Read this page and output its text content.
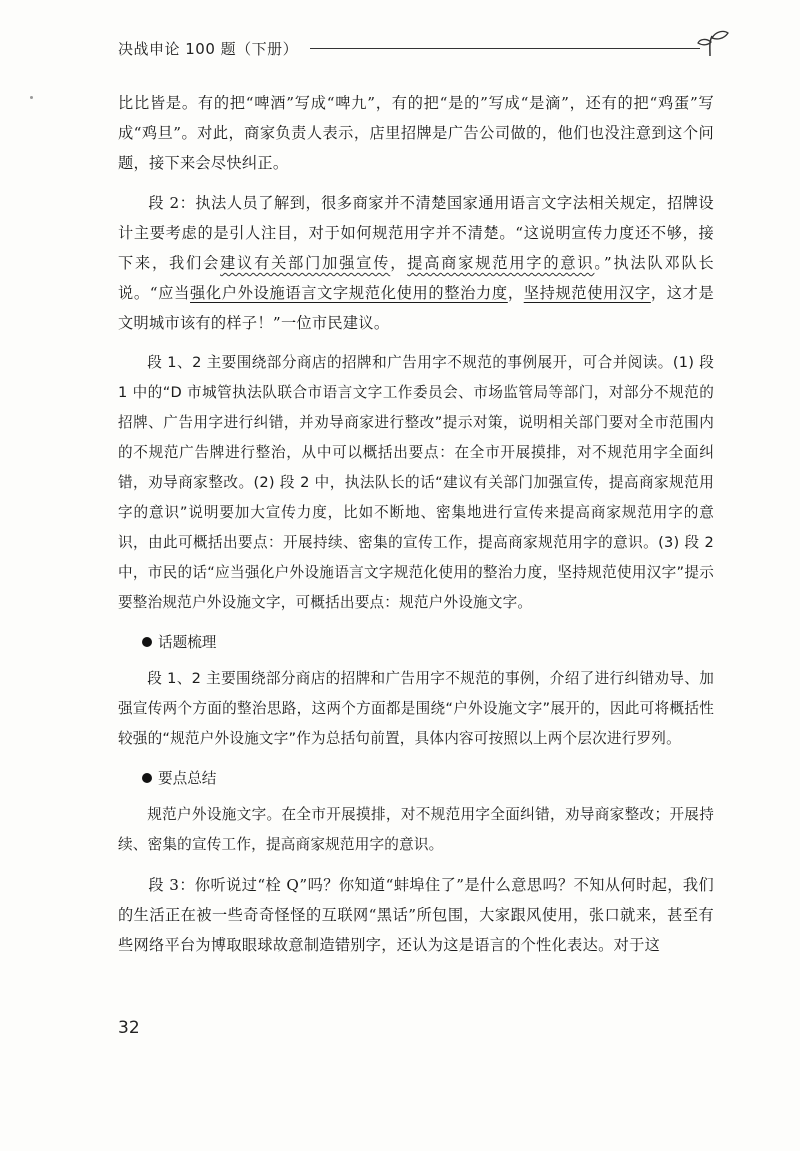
决战申论 100 题（下册）

比比皆是。有的把“啤酒”写成“啤九”，有的把“是的”写成“是滴”，还有的把“鸡蛋”写成“鸡旦”。对此，商家负责人表示，店里招牌是广告公司做的，他们也没注意到这个问题，接下来会尽快纠正。

段 2：执法人员了解到，很多商家并不清楚国家通用语言文字法相关规定，招牌设计主要考虑的是引人注目，对于如何规范用字并不清楚。“这说明宣传力度还不够，接下来，我们会建议有关部门加强宣传，提高商家规范用字的意识。”执法队邓队长说。“应当强化户外设施语言文字规范化使用的整治力度，坚持规范使用汉字，这才是文明城市该有的样子！”一位市民建议。

段 1、2 主要围绕部分商店的招牌和广告用字不规范的事例展开，可合并阅读。(1) 段 1 中的“D 市城管执法队联合市语言文字工作委员会、市场监管局等部门，对部分不规范的招牌、广告用字进行纠错，并劝导商家进行整改”提示对策，说明相关部门要对全市范围内的不规范广告牌进行整治，从中可以概括出要点：在全市开展摸排，对不规范用字全面纠错，劝导商家整改。(2) 段 2 中，执法队长的话“建议有关部门加强宣传，提高商家规范用字的意识”说明要加大宣传力度，比如不断地、密集地进行宣传来提高商家规范用字的意识，由此可概括出要点：开展持续、密集的宣传工作，提高商家规范用字的意识。(3) 段 2 中，市民的话“应当强化户外设施语言文字规范化使用的整治力度，坚持规范使用汉字”提示要整治规范户外设施文字，可概括出要点：规范户外设施文字。

话题梳理

段 1、2 主要围绕部分商店的招牌和广告用字不规范的事例，介绍了进行纠错劝导、加强宣传两个方面的整治思路，这两个方面都是围绕“户外设施文字”展开的，因此可将概括性较强的“规范户外设施文字”作为总括句前置，具体内容可按照以上两个层次进行罗列。

要点总结

规范户外设施文字。在全市开展摸排，对不规范用字全面纠错，劝导商家整改；开展持续、密集的宣传工作，提高商家规范用字的意识。

段 3：你听说过“栓 Q”吗？你知道“蚌埠住了”是什么意思吗？不知从何时起，我们的生活正在被一些奇奇怪怪的互联网“黑话”所包围，大家跟风使用，张口就来，甚至有些网络平台为博取眼球故意制造错别字，还认为这是语言的个性化表达。对于这

32
